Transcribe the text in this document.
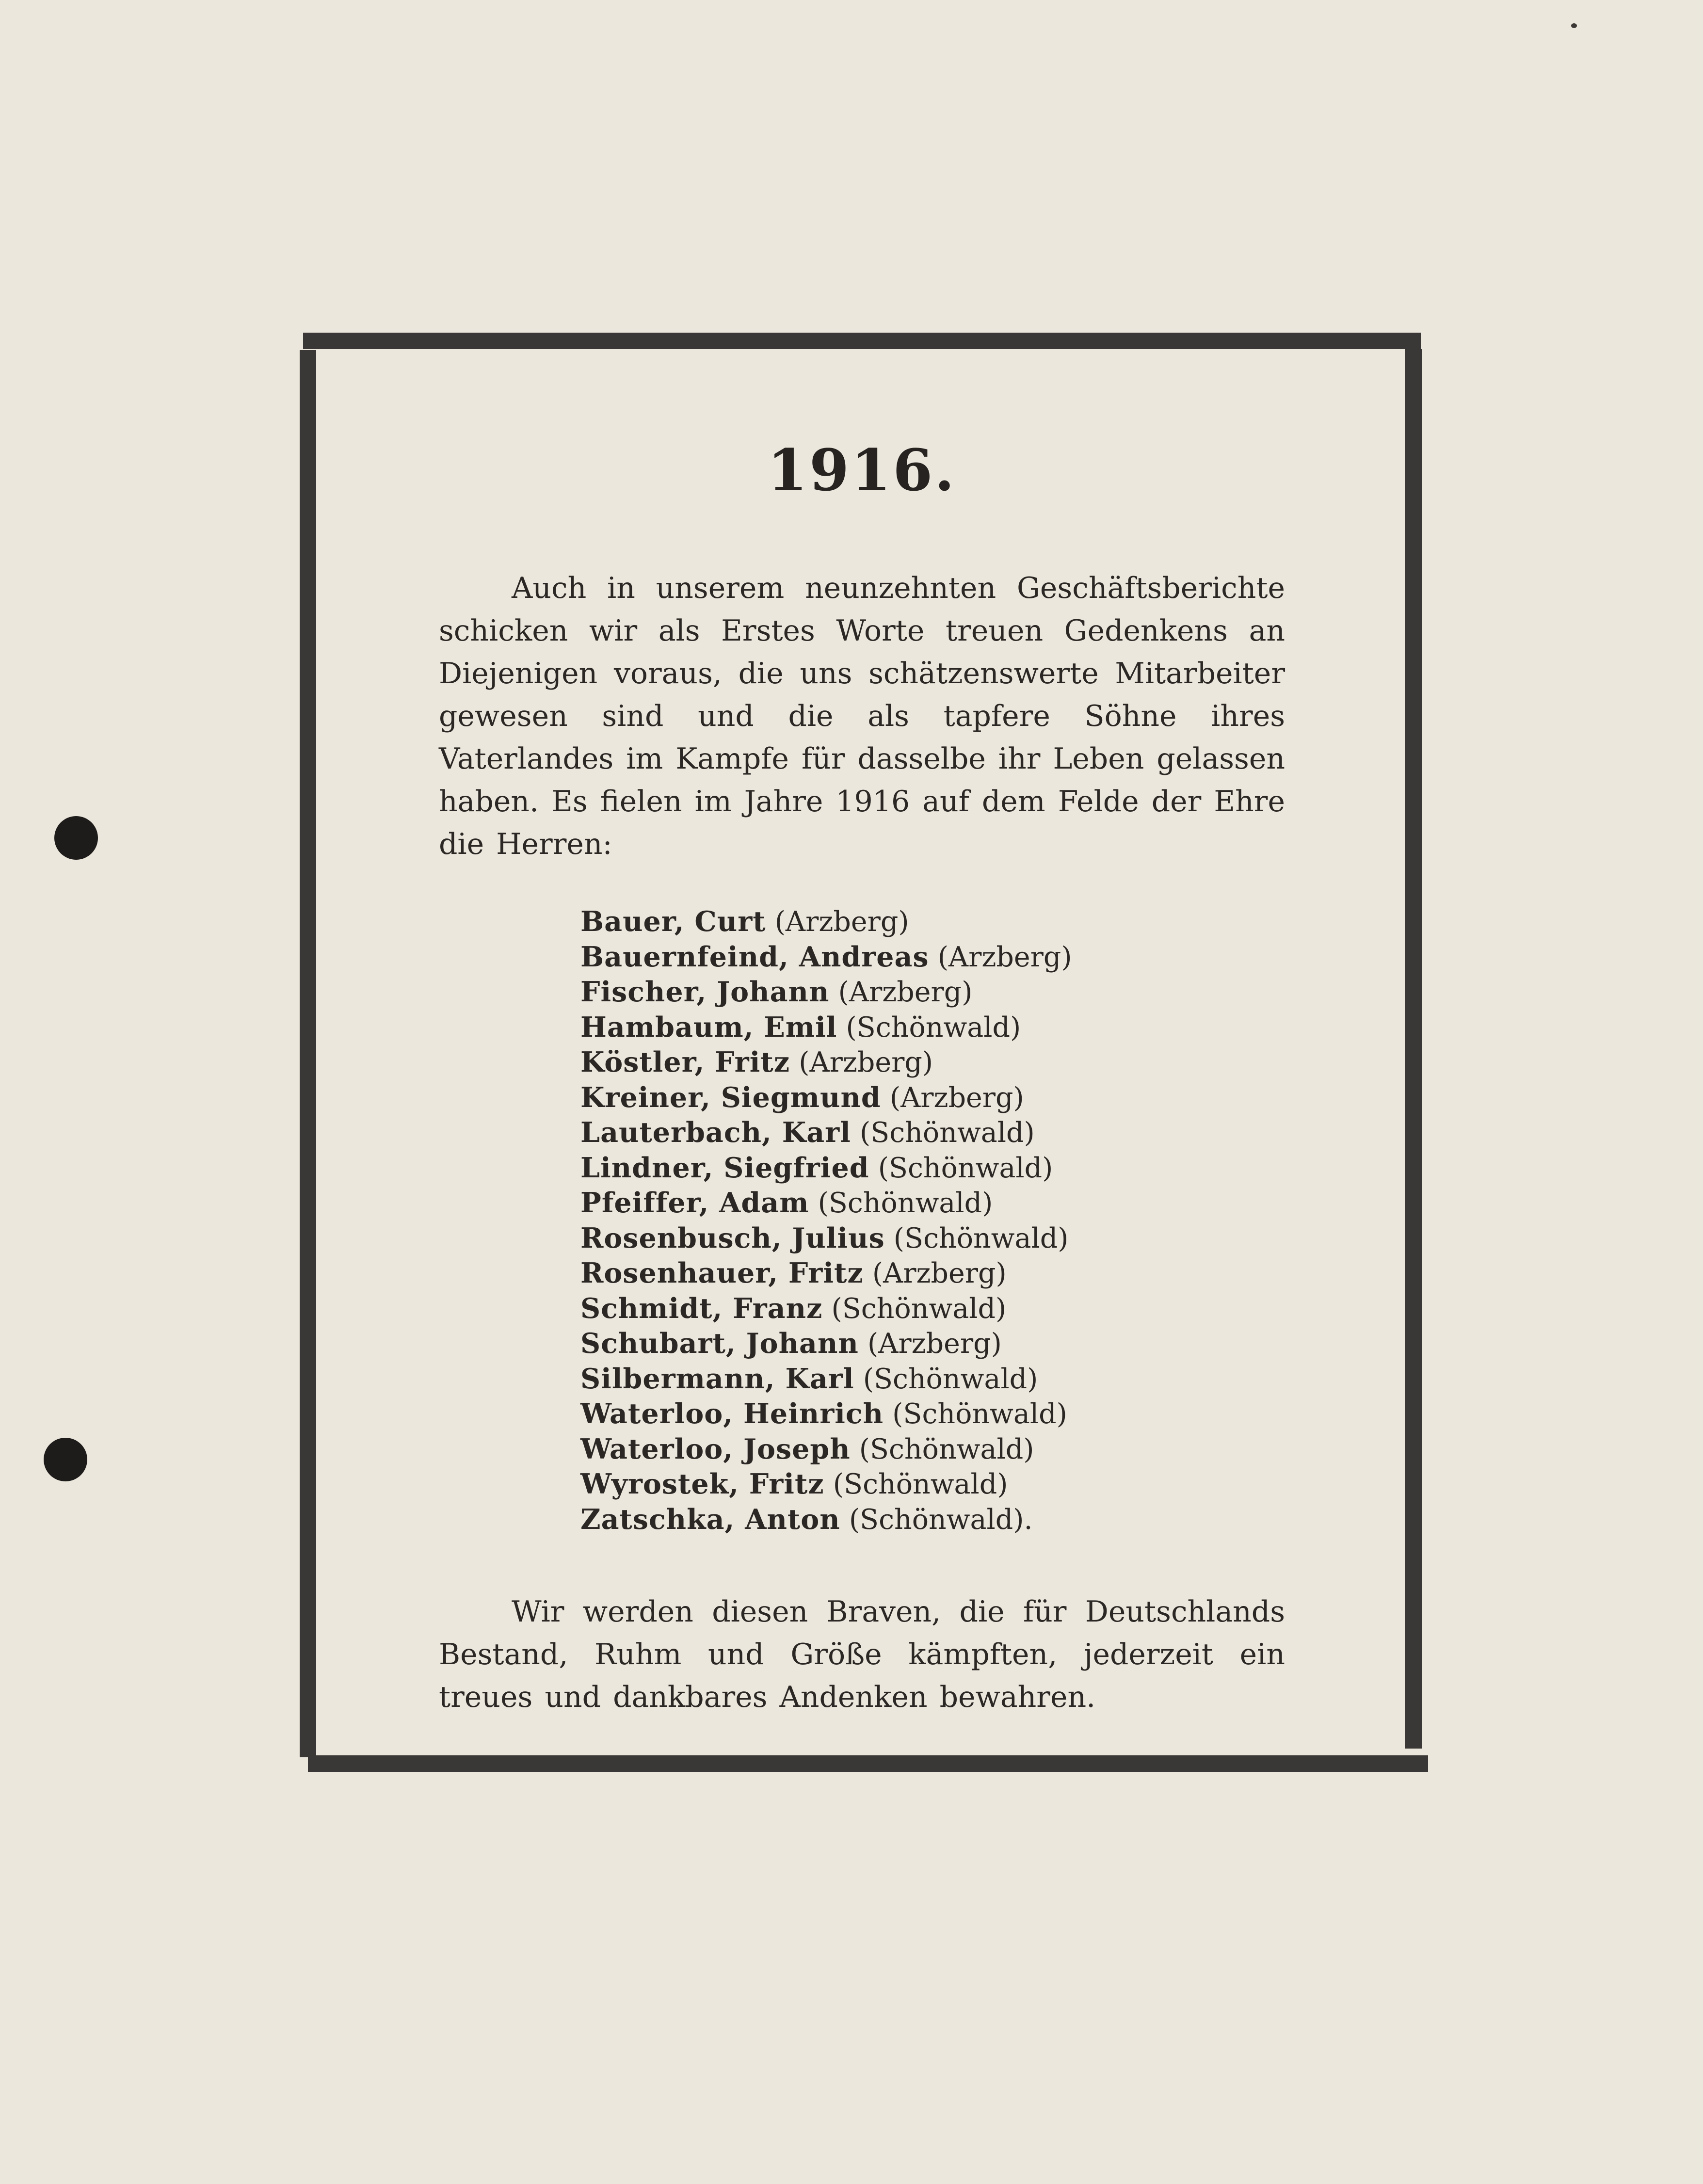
1916.

Auch in unserem neunzehnten Geschäftsberichte schicken wir als Erstes Worte treuen Gedenkens an Diejenigen voraus, die uns schätzenswerte Mitarbeiter gewesen sind und die als tapfere Söhne ihres Vaterlandes im Kampfe für dasselbe ihr Leben gelassen haben. Es fielen im Jahre 1916 auf dem Felde der Ehre die Herren:

Bauer, Curt (Arzberg)
Bauernfeind, Andreas (Arzberg)
Fischer, Johann (Arzberg)
Hambaum, Emil (Schönwald)
Köstler, Fritz (Arzberg)
Kreiner, Siegmund (Arzberg)
Lauterbach, Karl (Schönwald)
Lindner, Siegfried (Schönwald)
Pfeiffer, Adam (Schönwald)
Rosenbusch, Julius (Schönwald)
Rosenhauer, Fritz (Arzberg)
Schmidt, Franz (Schönwald)
Schubart, Johann (Arzberg)
Silbermann, Karl (Schönwald)
Waterloo, Heinrich (Schönwald)
Waterloo, Joseph (Schönwald)
Wyrostek, Fritz (Schönwald)
Zatschka, Anton (Schönwald).

Wir werden diesen Braven, die für Deutschlands Bestand, Ruhm und Größe kämpften, jederzeit ein treues und dankbares Andenken bewahren.
